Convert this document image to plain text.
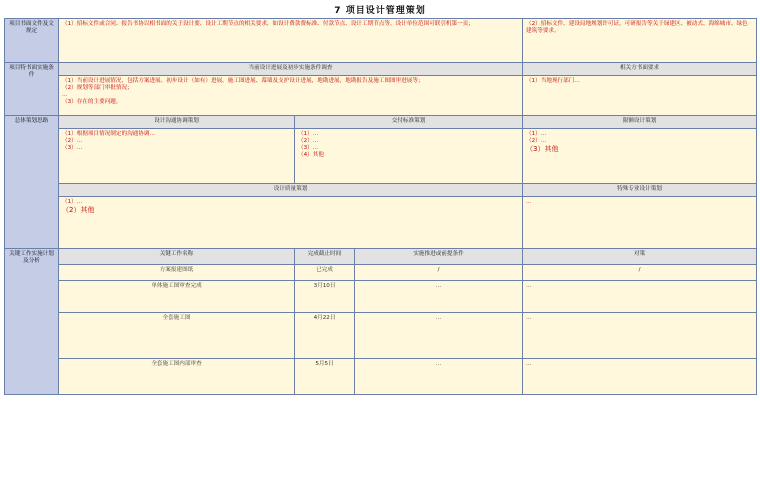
7 项目设计管理策划
项目书面文件及文规定	（1）招标文件或合同、报告书协以相书面的关于设计要、设计工期节点的相关要求，如设计费款费标准、付款节点、设计工期节点等，设计单位范围可联引机第一页；			（2）招标文件、建设局地规划许可证，可研报告等关于绿建区、被动式、海绵城市、绿色建筑等要求。
项目特书面实施条件	当前设计进展及初步实施条件调查			相关方书面要求

	（1）当前设计进展情况，包括方案进展、初步设计（如有）进展、施工图进展、幕墙及支护设计进展，地勘进展，地勘报告及施工图图审进展等；
（2）规划等部门审批情况；
…
（3）存在的主要问题。			（1）当地现行部门…
总体策划思路	设计沟通协调策划	交付标准策划		限额设计策划

	（1）根据项目情况制定的沟通协调…
（2）…
（3）…	（1）…
（2）…
（3）…
（4）其他		（1）…
（2）…
（3）其他

	设计质量策划			特殊专业设计策划

	（1）…
（2）其他			…
关键工作实施计划及分析	关键工作名称	完成截止时间	实施推进或前提条件	对策
	方案报建图纸	已完成	/	/
	单体施工图审查完成	3月10日	…	…
	全套施工图	4月22日	…	…
	全套施工图内部审查	5月5日	…	…
